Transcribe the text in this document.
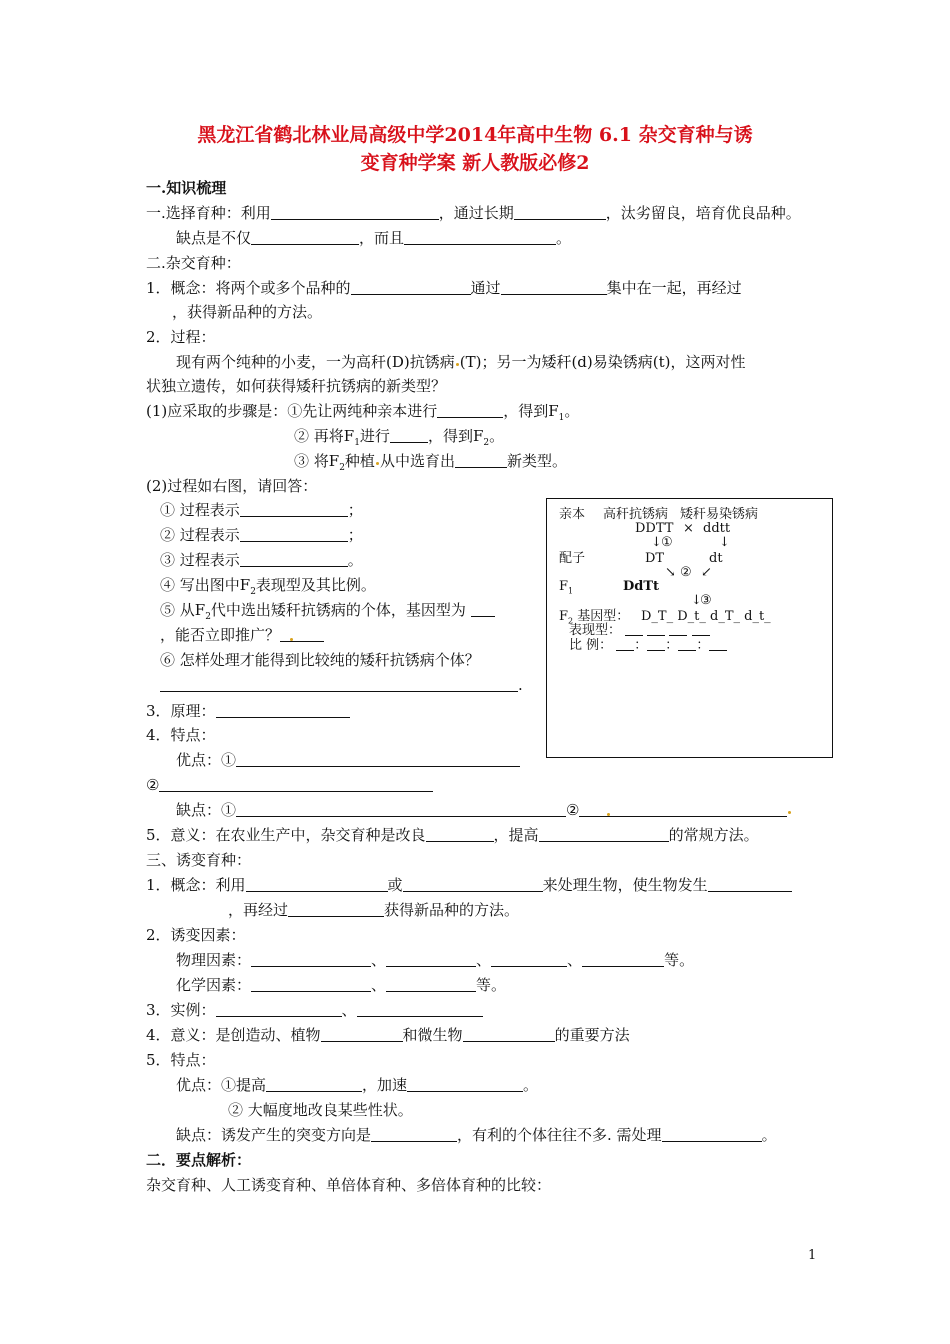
黑龙江省鹤北林业局高级中学2014年高中生物 6.1 杂交育种与诱
变育种学案 新人教版必修2
一.知识梳理
一.选择育种：利用	，通过长期	，汰劣留良，培育优良品种。
缺点是不仅	，而且	。
二.杂交育种：
1．概念：将两个或多个品种的	通过	集中在一起，再经过
，获得新品种的方法。
2．过程：
现有两个纯种的小麦，一为高秆(D)抗锈病 (T)；另一为矮秆(d)易染锈病(t)，这两对性
状独立遗传，如何获得矮秆抗锈病的新类型？
(1)应采取的步骤是：①先让两纯种亲本进行	，得到$F_1$。
② 再将$F_1$进行	，得到$F_2$。
③ 将$F_2$种植 从中选育出	新类型。
(2)过程如右图，请回答：
① 过程表示	；
② 过程表示	；
③ 过程表示	。
④ 写出图中$F_2$表现型及其比例。
⑤ 从$F_2$代中选出矮秆抗锈病的个体，基因型为
，能否立即推广？
⑥ 怎样处理才能得到比较纯的矮秆抗锈病个体？
.
3．原理：
4．特点：
优点：①
②
缺点：①	②
5．意义：在农业生产中，杂交育种是改良	，提高	的常规方法。
三、诱变育种：
1．概念：利用	或	来处理生物，使生物发生
，再经过	获得新品种的方法。
2．诱变因素：
物理因素：	、	、	、	等。
化学因素：	、	等。
3．实例：	、
4．意义：是创造动、植物	和微生物	的重要方法
5．特点：
优点：①提高	，加速	。
② 大幅度地改良某些性状。
缺点：诱发产生的突变方向是	，有利的个体往往不多. 需处理	。
二．要点解析：
杂交育种、人工诱变育种、单倍体育种、多倍体育种的比较：
亲本 高秆抗锈病 矮秆易染锈病
DDTT × ddtt
↓ ①	↓
配子	DT	dt
↘ ② ↙
$F_1$	DdTt
↓
③
$F_2$ 基因型： D_T_ D_t_ d_T_ d_t_
表现型：
比 例： ： ： ：
1
